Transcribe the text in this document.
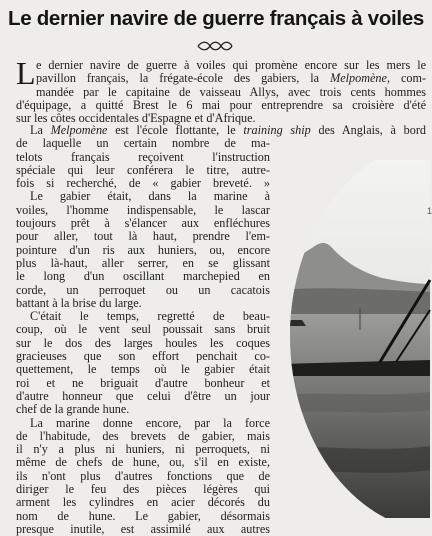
Le dernier navire de guerre français à voiles
L e dernier navire de guerre à voiles qui promène encore sur les mers le
pavillon français, la frégate-école des gabiers, la Melpomène, com-
mandée par le capitaine de vaisseau Allys, avec trois cents hommes
d'équipage, a quitté Brest le 6 mai pour entreprendre sa croisière d'été
sur les côtes occidentales d'Espagne et d'Afrique.
1
La Melpomène est l'école flottante, le training ship des Anglais, à bord
de laquelle un certain nombre de ma-
telots français reçoivent l'instruction
spéciale qui leur conférera le titre, autre-
fois si recherché, de « gabier breveté. »
Le gabier était, dans la marine à
voiles, l'homme indispensable, le lascar
toujours prêt à s'élancer aux enfléchures
pour aller, tout là haut, prendre l'em-
pointure d'un ris aux huniers, ou, encore
plus là-haut, aller serrer, en se glissant
le long d'un oscillant marchepied en
corde, un perroquet ou un cacatois
battant à la brise du large.
C'était le temps, regretté de beau-
coup, où le vent seul poussait sans bruit
sur le dos des larges houles les coques
gracieuses que son effort penchait co-
quettement, le temps où le gabier était
roi et ne briguait d'autre bonheur et
d'autre honneur que celui d'être un jour
chef de la grande hune.
La marine donne encore, par la force
de l'habitude, des brevets de gabier, mais
il n'y a plus ni huniers, ni perroquets, ni
même de chefs de hune, ou, s'il en existe,
ils n'ont plus d'autres fonctions que de
diriger le feu des pièces légères qui
arment les cylindres en acier décorés du
nom de hune. Le gabier, désormais
presque inutile, est assimilé aux autres
